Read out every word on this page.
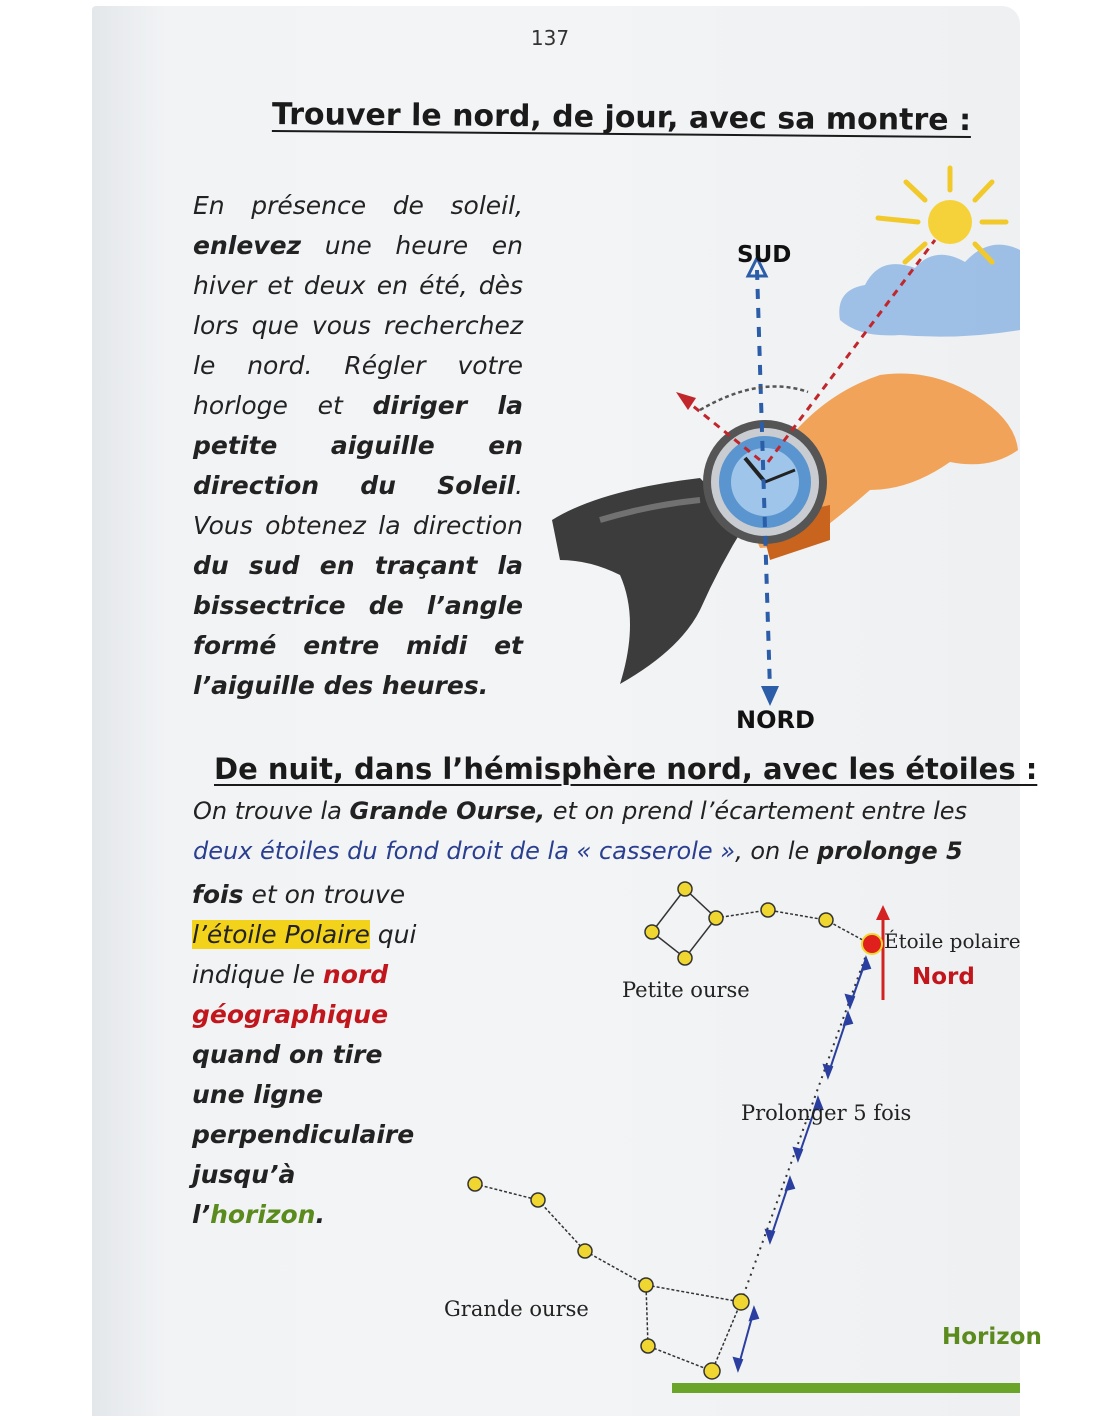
137
Trouver le nord, de jour, avec sa montre :
En présence de soleil, enlevez une heure en hiver et deux en été, dès lors que vous recherchez le nord. Régler votre horloge et diriger la petite aiguille en direction du Soleil. Vous obtenez la direction du sud en traçant la bissectrice de l’angle formé entre midi et l’aiguille des heures.
SUD
NORD
De nuit, dans l’hémisphère nord, avec les étoiles :
On trouve la Grande Ourse, et on prend l’écartement entre les
deux étoiles du fond droit de la « casserole », on le prolonge 5
fois et on trouve l’étoile Polaire qui indique le nord géographique quand on tire une ligne perpendiculaire jusqu’à l’horizon.
Petite ourse
Étoile polaire
Nord
Prolonger 5 fois
Grande ourse
Horizon
